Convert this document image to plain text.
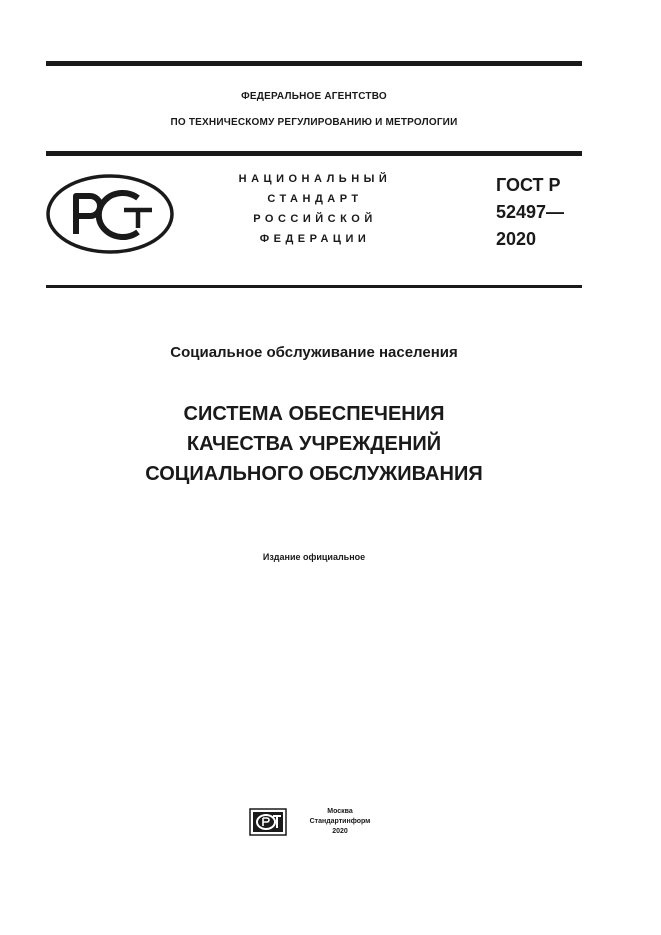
ФЕДЕРАЛЬНОЕ АГЕНТСТВО
ПО ТЕХНИЧЕСКОМУ РЕГУЛИРОВАНИЮ И МЕТРОЛОГИИ
НАЦИОНАЛЬНЫЙ
СТАНДАРТ
РОССИЙСКОЙ
ФЕДЕРАЦИИ
ГОСТ Р
52497—
2020
Социальное обслуживание населения
СИСТЕМА ОБЕСПЕЧЕНИЯ
КАЧЕСТВА УЧРЕЖДЕНИЙ
СОЦИАЛЬНОГО ОБСЛУЖИВАНИЯ
Издание официальное
Москва
Стандартинформ
2020
